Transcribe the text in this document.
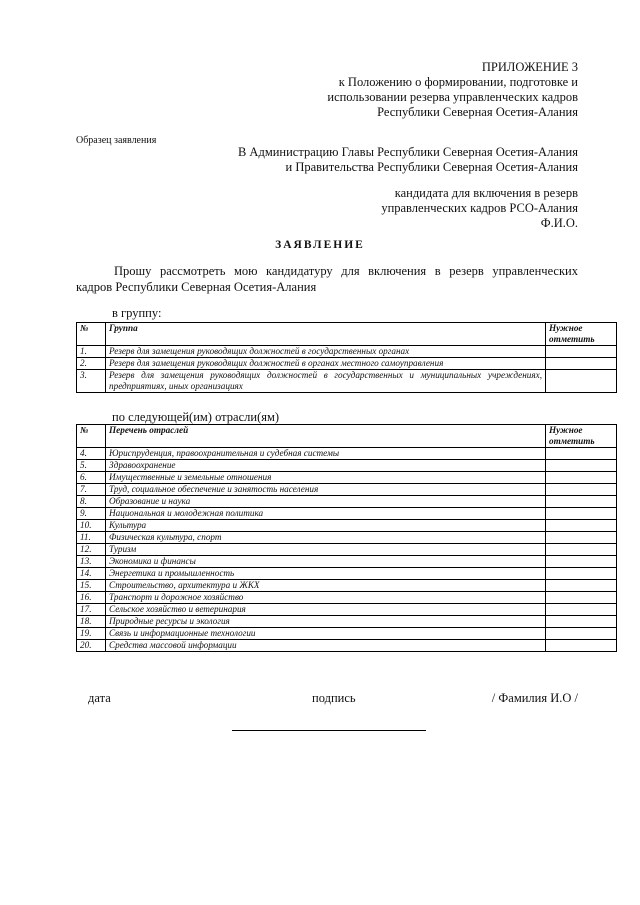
ПРИЛОЖЕНИЕ 3
к Положению о формировании, подготовке и
использовании резерва управленческих кадров
Республики Северная Осетия-Алания
Образец заявления
В Администрацию Главы Республики Северная Осетия-Алания
и Правительства Республики Северная Осетия-Алания
кандидата для включения в резерв
управленческих кадров РСО-Алания
Ф.И.О.
ЗАЯВЛЕНИЕ
Прошу рассмотреть мою кандидатуру для включения в резерв управленческих
кадров Республики Северная Осетия-Алания
в группу:
№	Группа	Нужное отметить
1.	Резерв для замещения руководящих должностей в государственных органах	
2.	Резерв для замещения руководящих должностей в органах местного самоуправления	
3.	Резерв для замещения руководящих должностей в государственных и муниципальных учреждениях, предприятиях, иных организациях	
по следующей(им) отрасли(ям)
№	Перечень отраслей	Нужное отметить
4.	Юриспруденция, правоохранительная и судебная системы	
5.	Здравоохранение	
6.	Имущественные и земельные отношения	
7.	Труд, социальное обеспечение и занятость населения	
8.	Образование и наука	
9.	Национальная и молодежная политика	
10.	Культура	
11.	Физическая культура, спорт	
12.	Туризм	
13.	Экономика и финансы	
14.	Энергетика и промышленность	
15.	Строительство, архитектура и ЖКХ	
16.	Транспорт и дорожное хозяйство	
17.	Сельское хозяйство и ветеринария	
18.	Природные ресурсы и экология	
19.	Связь и информационные технологии	
20.	Средства массовой информации	
дата	подпись	/ Фамилия И.О /
